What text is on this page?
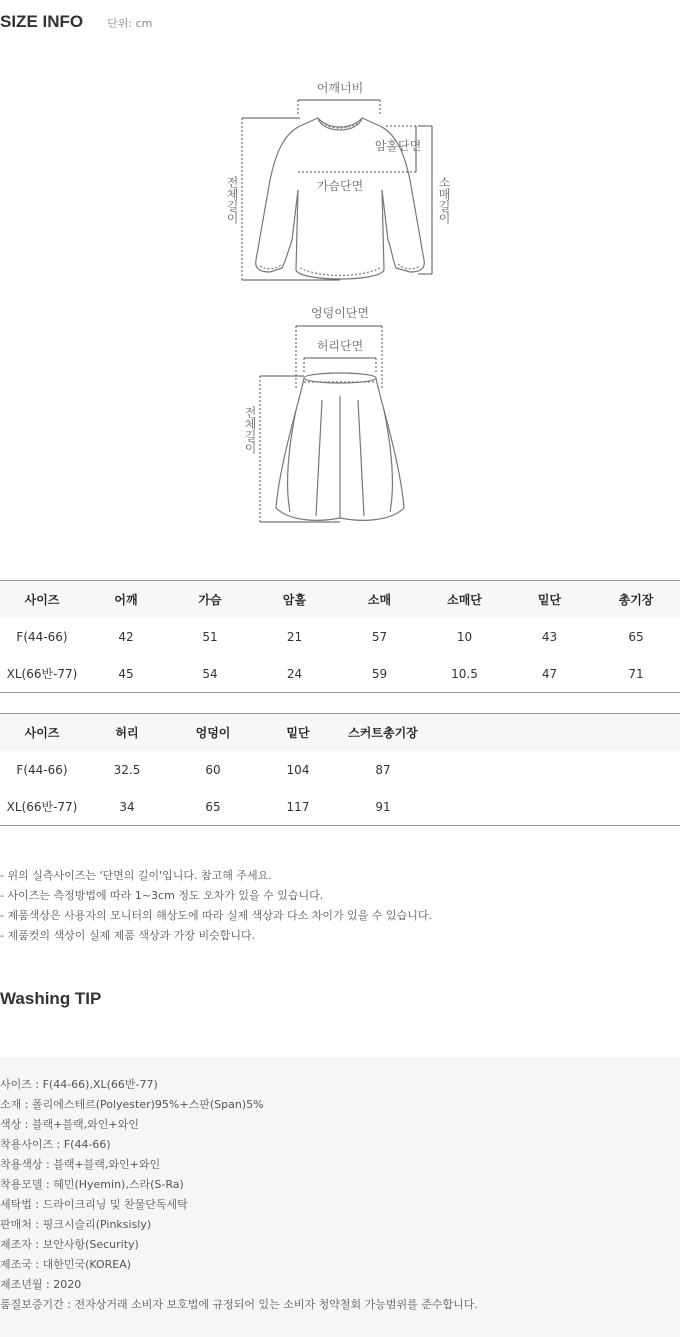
SIZE INFO 단위: cm
어깨너비
암홀단면
가슴단면
전체길이	소매길이
엉덩이단면
허리단면
전체길이
사이즈	어깨	가슴	암홀	소매	소매단	밑단	총기장
F(44-66)	42	51	21	57	10	43	65
XL(66반-77)	45	54	24	59	10.5	47	71
사이즈	허리	엉덩이	밑단	스커트총기장			
F(44-66)	32.5	60	104	87			
XL(66반-77)	34	65	117	91			
- 위의 실측사이즈는 '단면의 길이'입니다. 참고해 주세요.
- 사이즈는 측정방법에 따라 1~3cm 정도 오차가 있을 수 있습니다.
- 제품색상은 사용자의 모니터의 해상도에 따라 실제 색상과 다소 차이가 있을 수 있습니다.
- 제품컷의 색상이 실제 제품 색상과 가장 비슷합니다.
Washing TIP
사이즈 : F(44-66),XL(66반-77)
소재 : 폴리에스테르(Polyester)95%+스판(Span)5%
색상 : 블랙+블랙,와인+와인
착용사이즈 : F(44-66)
착용색상 : 블랙+블랙,와인+와인
착용모델 : 혜민(Hyemin),스라(S-Ra)
세탁법 : 드라이크리닝 및 찬물단독세탁
판매처 : 핑크시슬리(Pinksisly)
제조자 : 보안사항(Security)
제조국 : 대한민국(KOREA)
제조년월 : 2020
품질보증기간 : 전자상거래 소비자 보호법에 규정되어 있는 소비자 청약철회 가능범위를 준수합니다.
